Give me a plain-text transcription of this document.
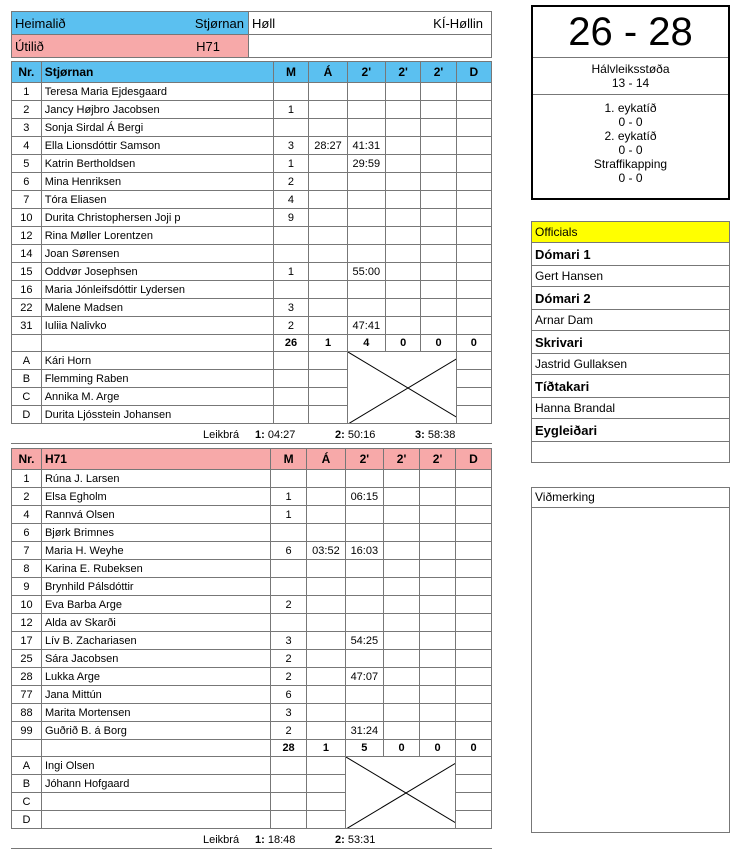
Heimalið Stjørnan	Høll KÍ-Høllin

Útilið H71	
		26 - 28
Hálvleiksstøða
13 - 14
1. eykatíð
0 - 0
2. eykatíð
0 - 0
Straffikapping
0 - 0
Nr.	Stjørnan	M	Á	2'	2'	2'	D
1	Teresa Maria Ejdesgaard						
2	Jancy Højbro Jacobsen	1					
3	Sonja Sirdal Á Bergi						
4	Ella Lionsdóttir Samson	3	28:27	41:31			
5	Katrin Bertholdsen	1		29:59			
6	Mina Henriksen	2					
7	Tóra Eliasen	4					
10	Durita Christophersen Joji p	9					
12	Rina Møller Lorentzen						
14	Joan Sørensen						
15	Oddvør Josephsen	1		55:00			
16	Maria Jónleifsdóttir Lydersen						
22	Malene Madsen	3					
31	Iuliia Nalivko	2		47:41			
		26	1	4	0	0	0
A	Kári Horn			

B	Flemming Raben						
C	Annika M. Arge						
D	Durita Ljósstein Johansen						
Leikbrá 1: 04:27	2: 50:16	3: 58:38
Nr.	H71	M	Á	2'	2'	2'	D
1	Rúna J. Larsen						
2	Elsa Egholm	1		06:15			
4	Rannvá Olsen	1					
6	Bjørk Brimnes						
7	Maria H. Weyhe	6	03:52	16:03			
8	Karina E. Rubeksen						
9	Brynhild Pálsdóttir						
10	Eva Barba Arge	2					
12	Alda av Skarði						
17	Lív B. Zachariasen	3		54:25			
25	Sára Jacobsen	2					
28	Lukka Arge	2		47:07			
77	Jana Mittún	6					
88	Marita Mortensen	3					
99	Guðrið B. á Borg	2		31:24			
		28	1	5	0	0	0
A	Ingi Olsen			

B	Jóhann Hofgaard						
C							
D							
Leikbrá 1: 18:48	2: 53:31
Officials
Dómari 1
Gert Hansen
Dómari 2
Arnar Dam
Skrivari
Jastrid Gullaksen
Tíðtakari
Hanna Brandal
Eygleiðari

Viðmerking
